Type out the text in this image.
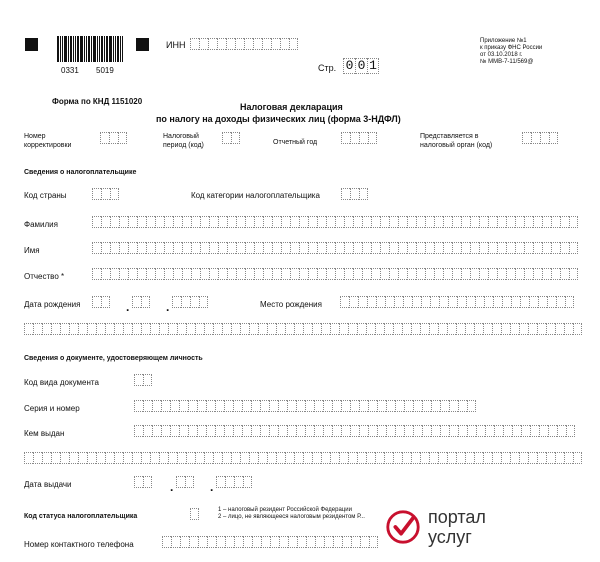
0331 5019
ИНН
Стр. 0 0 1
Приложение №1
к приказу ФНС России
от 03.10.2018 г.
№ ММВ-7-11/569@
Форма по КНД 1151020
Налоговая декларация
по налогу на доходы физических лиц (форма 3-НДФЛ)
Номер
корректировки
Налоговый
период (код)	Отчетный год
Представляется в
налоговый орган (код)
Сведения о налогоплательщике
Код страны	Код категории налогоплательщика
Фамилия
Имя
Отчество *
Дата рождения	.	.	Место рождения
Сведения о документе, удостоверяющем личность
Код вида документа
Серия и номер
Кем выдан
Дата выдачи	.	.
Код статуса налогоплательщика
1 – налоговый резидент Российской Федерации
2 – лицо, не являющееся налоговым резидентом Р...
Номер контактного телефона
портал
услуг
